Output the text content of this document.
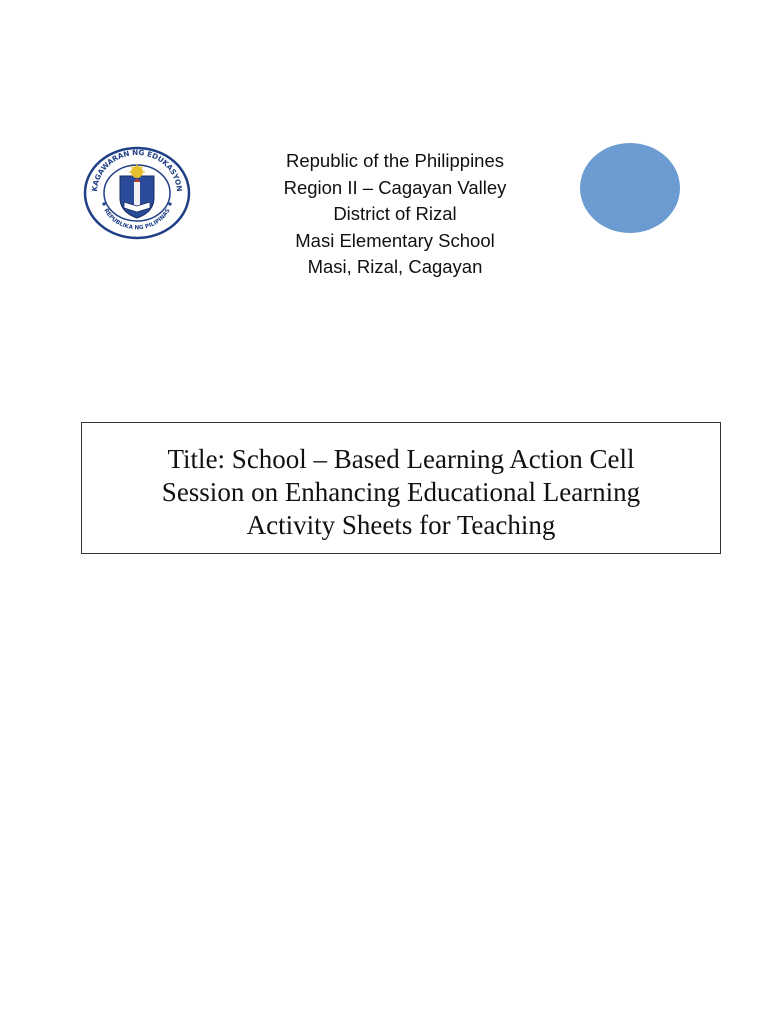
KAGAWARAN NG EDUKASYON
REPUBLIKA NG PILIPINAS
Republic of the Philippines
Region II – Cagayan Valley
District of Rizal
Masi Elementary School
Masi, Rizal, Cagayan
Title: School – Based Learning Action Cell
Session on Enhancing Educational Learning
Activity Sheets for Teaching
